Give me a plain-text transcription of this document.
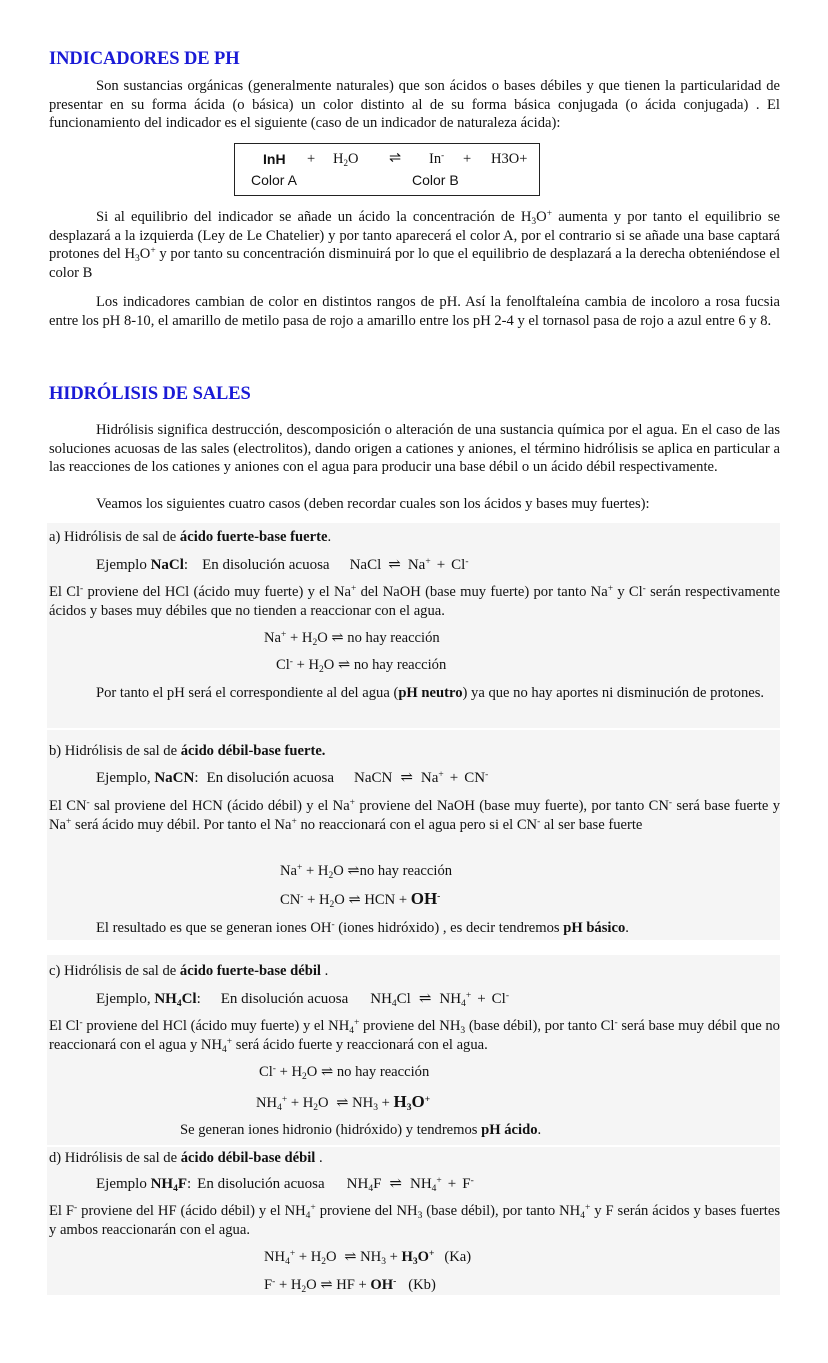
INDICADORES DE PH

Son sustancias orgánicas (generalmente naturales) que son ácidos o bases débiles y que tienen la particularidad de presentar en su forma ácida (o básica) un color distinto al de su forma básica conjugada (o ácida conjugada) . El funcionamiento del indicador es el siguiente (caso de un indicador de naturaleza ácida):

InH + $H_2O$ ⇌ In- + H3O+
Color A	Color B

Si al equilibrio del indicador se añade un ácido la concentración de $H_3O^+$ aumenta y por tanto el equilibrio se desplazará a la izquierda (Ley de Le Chatelier) y por tanto aparecerá el color A, por el contrario si se añade una base captará protones del $H_3O^+$ y por tanto su concentración disminuirá por lo que el equilibrio de desplazará a la derecha obteniéndose el color B

Los indicadores cambian de color en distintos rangos de pH. Así la fenolftaleína cambia de incoloro a rosa fucsia entre los pH 8-10, el amarillo de metilo pasa de rojo a amarillo entre los pH 2-4 y el tornasol pasa de rojo a azul entre 6 y 8.

HIDRÓLISIS DE SALES

Hidrólisis significa destrucción, descomposición o alteración de una sustancia química por el agua. En el caso de las soluciones acuosas de las sales (electrolitos), dando origen a cationes y aniones, el término hidrólisis se aplica en particular a las reacciones de los cationes y aniones con el agua para producir una base débil o un ácido débil respectivamente.

Veamos los siguientes cuatro casos (deben recordar cuales son los ácidos y bases muy fuertes):

a) Hidrólisis de sal de ácido fuerte-base fuerte.

Ejemplo NaCl: En disolución acuosa NaCl ⇌ Na+ + Cl-

El Cl- proviene del HCl (ácido muy fuerte) y el Na+ del NaOH (base muy fuerte) por tanto Na+ y Cl- serán respectivamente ácidos y bases muy débiles que no tienden a reaccionar con el agua.

$Na^+ + H_2O$ ⇌ no hay reacción

$Cl^- + H_2O$ ⇌ no hay reacción

Por tanto el pH será el correspondiente al del agua (pH neutro) ya que no hay aportes ni disminución de protones.

b) Hidrólisis de sal de ácido débil-base fuerte.

Ejemplo, NaCN: En disolución acuosa NaCN ⇌ Na+ + CN-

El CN- sal proviene del HCN (ácido débil) y el Na+ proviene del NaOH (base muy fuerte), por tanto CN- será base fuerte y Na+ será ácido muy débil. Por tanto el Na+ no reaccionará con el agua pero si el CN- al ser base fuerte

$Na^+ + H_2O$ ⇌no hay reacción

$CN^- + H_2O$ ⇌ HCN + OH-

El resultado es que se generan iones OH- (iones hidróxido) , es decir tendremos pH básico.

c) Hidrólisis de sal de ácido fuerte-base débil .

Ejemplo, $NH_4Cl$: En disolución acuosa $NH_4Cl$ ⇌ $NH_4^+ + Cl^-$

El Cl- proviene del HCl (ácido muy fuerte) y el $NH_4^+$ proviene del $NH_3$ (base débil), por tanto Cl- será base muy débil que no reaccionará con el agua y $NH_4^+$ será ácido fuerte y reaccionará con el agua.

$Cl^- + H_2O$ ⇌ no hay reacción

$NH_4^+ + H_2O$ ⇌ $NH_3 + H_3O^+$

Se generan iones hidronio (hidróxido) y tendremos pH ácido.

d) Hidrólisis de sal de ácido débil-base débil .

Ejemplo $NH_4F$: En disolución acuosa $NH_4F$ ⇌ $NH_4^+ + F^-$

El F- proviene del HF (ácido débil) y el $NH_4^+$ proviene del $NH_3$ (base débil), por tanto $NH_4^+$ y F serán ácidos y bases fuertes y ambos reaccionarán con el agua.

$NH_4^+ + H_2O$ ⇌ $NH_3 + H_3O^+$ (Ka)

$F^- + H_2O$ ⇌ HF + OH- (Kb)
